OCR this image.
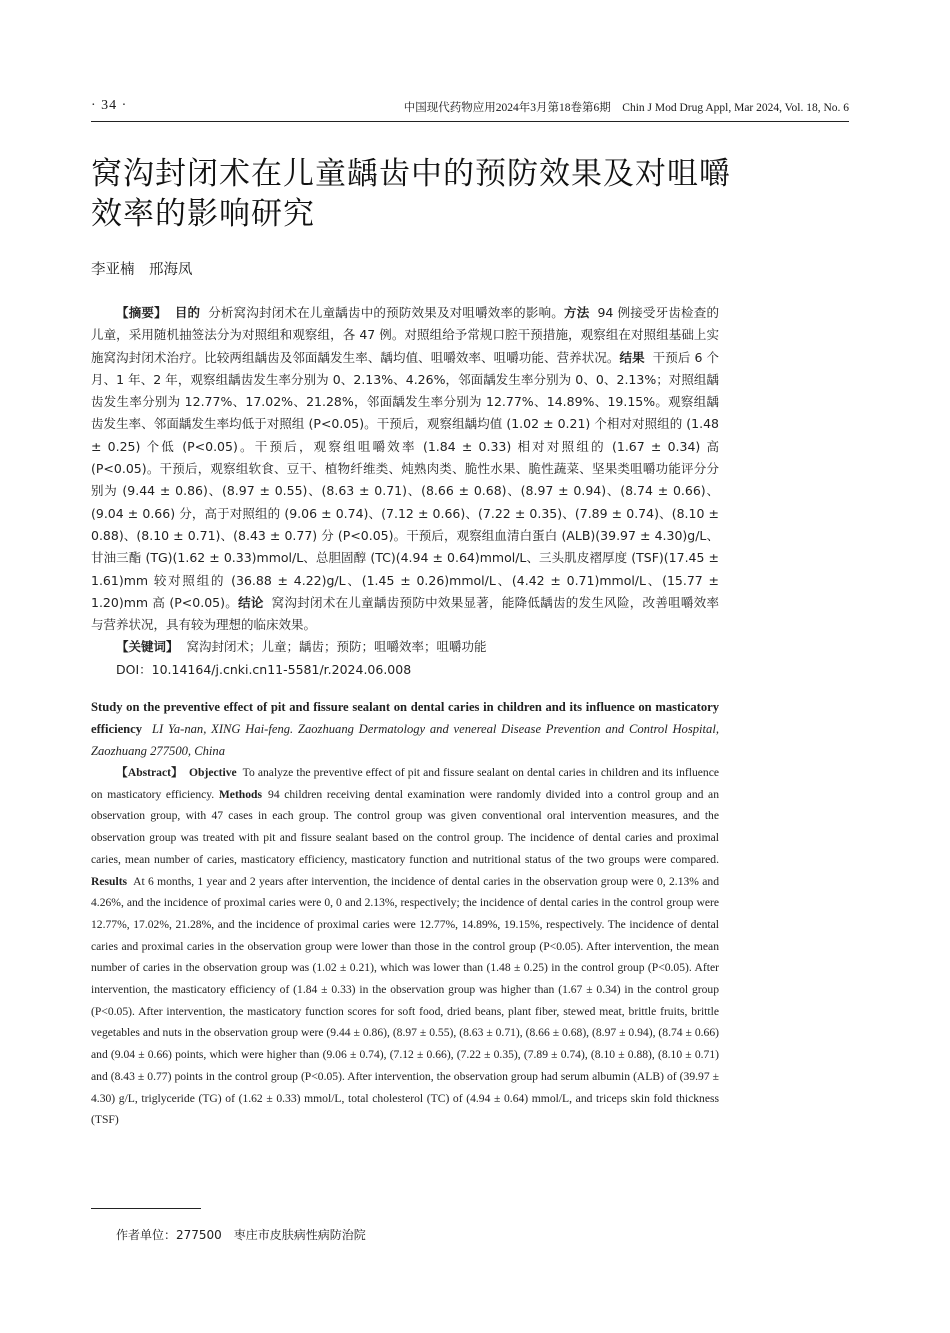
· 34 ·	中国现代药物应用2024年3月第18卷第6期　Chin J Mod Drug Appl, Mar 2024, Vol. 18, No. 6
窝沟封闭术在儿童龋齿中的预防效果及对咀嚼效率的影响研究
李亚楠　邢海凤

【摘要】 目的 分析窝沟封闭术在儿童龋齿中的预防效果及对咀嚼效率的影响。方法 94 例接受牙齿检查的儿童，采用随机抽签法分为对照组和观察组，各 47 例。对照组给予常规口腔干预措施，观察组在对照组基础上实施窝沟封闭术治疗。比较两组龋齿及邻面龋发生率、龋均值、咀嚼效率、咀嚼功能、营养状况。结果 干预后 6 个月、1 年、2 年，观察组龋齿发生率分别为 0、2.13%、4.26%，邻面龋发生率分别为 0、0、2.13%；对照组龋齿发生率分别为 12.77%、17.02%、21.28%，邻面龋发生率分别为 12.77%、14.89%、19.15%。观察组龋齿发生率、邻面龋发生率均低于对照组 (P<0.05)。干预后，观察组龋均值 (1.02 ± 0.21) 个相对对照组的 (1.48 ± 0.25) 个低 (P<0.05)。干预后，观察组咀嚼效率 (1.84 ± 0.33) 相对对照组的 (1.67 ± 0.34) 高 (P<0.05)。干预后，观察组软食、豆干、植物纤维类、炖熟肉类、脆性水果、脆性蔬菜、坚果类咀嚼功能评分分别为 (9.44 ± 0.86)、(8.97 ± 0.55)、(8.63 ± 0.71)、(8.66 ± 0.68)、(8.97 ± 0.94)、(8.74 ± 0.66)、(9.04 ± 0.66) 分，高于对照组的 (9.06 ± 0.74)、(7.12 ± 0.66)、(7.22 ± 0.35)、(7.89 ± 0.74)、(8.10 ± 0.88)、(8.10 ± 0.71)、(8.43 ± 0.77) 分 (P<0.05)。干预后，观察组血清白蛋白 (ALB)(39.97 ± 4.30)g/L、甘油三酯 (TG)(1.62 ± 0.33)mmol/L、总胆固醇 (TC)(4.94 ± 0.64)mmol/L、三头肌皮褶厚度 (TSF)(17.45 ± 1.61)mm 较对照组的 (36.88 ± 4.22)g/L、(1.45 ± 0.26)mmol/L、(4.42 ± 0.71)mmol/L、(15.77 ± 1.20)mm 高 (P<0.05)。结论 窝沟封闭术在儿童龋齿预防中效果显著，能降低龋齿的发生风险，改善咀嚼效率与营养状况，具有较为理想的临床效果。

【关键词】 窝沟封闭术；儿童；龋齿；预防；咀嚼效率；咀嚼功能

DOI：10.14164/j.cnki.cn11-5581/r.2024.06.008

Study on the preventive effect of pit and fissure sealant on dental caries in children and its influence on masticatory efficiency LI Ya-nan, XING Hai-feng. Zaozhuang Dermatology and venereal Disease Prevention and Control Hospital, Zaozhuang 277500, China

【Abstract】 Objective To analyze the preventive effect of pit and fissure sealant on dental caries in children and its influence on masticatory efficiency. Methods 94 children receiving dental examination were randomly divided into a control group and an observation group, with 47 cases in each group. The control group was given conventional oral intervention measures, and the observation group was treated with pit and fissure sealant based on the control group. The incidence of dental caries and proximal caries, mean number of caries, masticatory efficiency, masticatory function and nutritional status of the two groups were compared. Results At 6 months, 1 year and 2 years after intervention, the incidence of dental caries in the observation group were 0, 2.13% and 4.26%, and the incidence of proximal caries were 0, 0 and 2.13%, respectively; the incidence of dental caries in the control group were 12.77%, 17.02%, 21.28%, and the incidence of proximal caries were 12.77%, 14.89%, 19.15%, respectively. The incidence of dental caries and proximal caries in the observation group were lower than those in the control group (P<0.05). After intervention, the mean number of caries in the observation group was (1.02 ± 0.21), which was lower than (1.48 ± 0.25) in the control group (P<0.05). After intervention, the masticatory efficiency of (1.84 ± 0.33) in the observation group was higher than (1.67 ± 0.34) in the control group (P<0.05). After intervention, the masticatory function scores for soft food, dried beans, plant fiber, stewed meat, brittle fruits, brittle vegetables and nuts in the observation group were (9.44 ± 0.86), (8.97 ± 0.55), (8.63 ± 0.71), (8.66 ± 0.68), (8.97 ± 0.94), (8.74 ± 0.66) and (9.04 ± 0.66) points, which were higher than (9.06 ± 0.74), (7.12 ± 0.66), (7.22 ± 0.35), (7.89 ± 0.74), (8.10 ± 0.88), (8.10 ± 0.71) and (8.43 ± 0.77) points in the control group (P<0.05). After intervention, the observation group had serum albumin (ALB) of (39.97 ± 4.30) g/L, triglyceride (TG) of (1.62 ± 0.33) mmol/L, total cholesterol (TC) of (4.94 ± 0.64) mmol/L, and triceps skin fold thickness (TSF)

作者单位：277500　枣庄市皮肤病性病防治院
